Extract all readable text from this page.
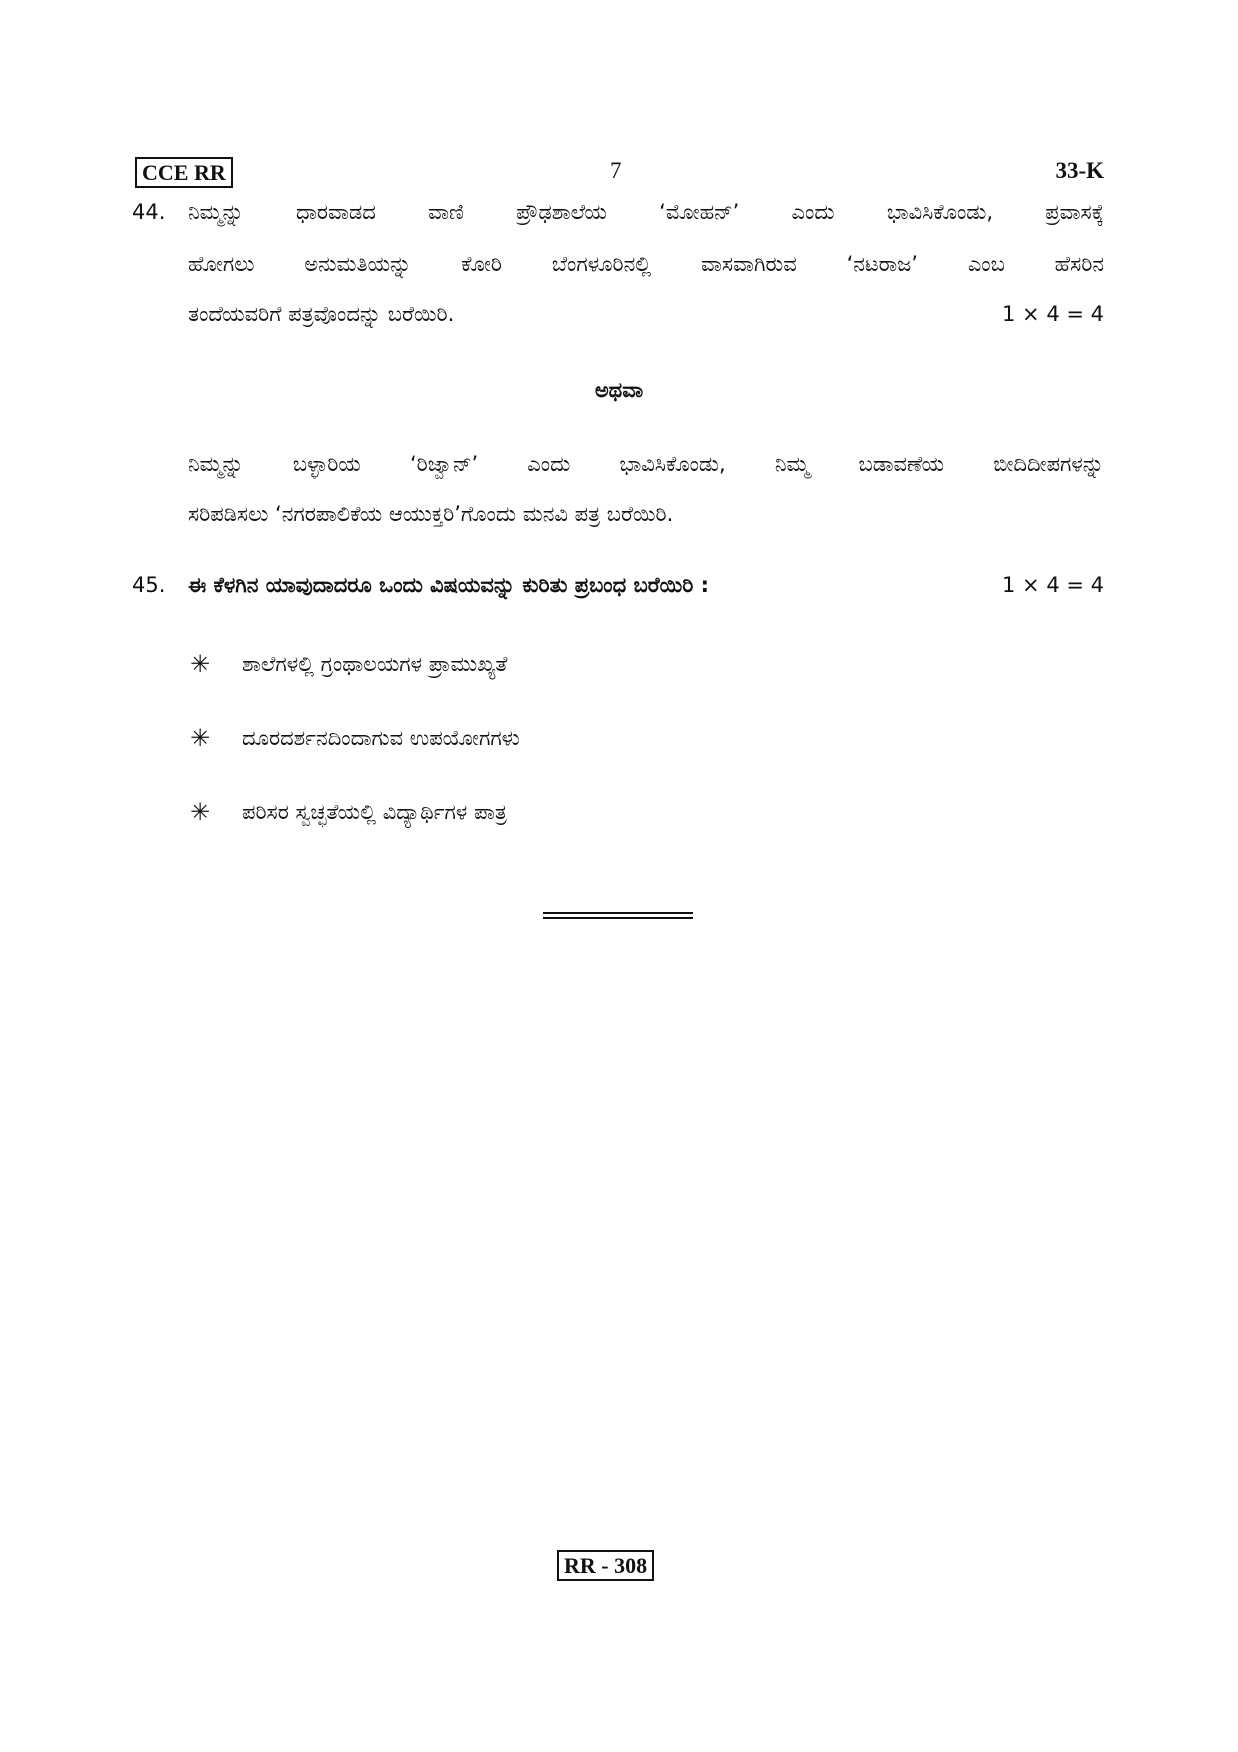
CCE RR	7	33-K
44. ನಿಮ್ಮನ್ನು ಧಾರವಾಡದ ವಾಣಿ ಪ್ರೌಢಶಾಲೆಯ ‘ಮೋಹನ್’ ಎಂದು ಭಾವಿಸಿಕೊಂಡು, ಪ್ರವಾಸಕ್ಕೆ
ಹೋಗಲು ಅನುಮತಿಯನ್ನು ಕೋರಿ ಬೆಂಗಳೂರಿನಲ್ಲಿ ವಾಸವಾಗಿರುವ ‘ನಟರಾಜ’ ಎಂಬ ಹೆಸರಿನ
ತಂದೆಯವರಿಗೆ ಪತ್ರವೊಂದನ್ನು ಬರೆಯಿರಿ.	1 × 4 = 4
ಅಥವಾ
ನಿಮ್ಮನ್ನು ಬಳ್ಳಾರಿಯ ‘ರಿಜ್ವಾನ್’ ಎಂದು ಭಾವಿಸಿಕೊಂಡು, ನಿಮ್ಮ ಬಡಾವಣೆಯ ಬೀದಿದೀಪಗಳನ್ನು
ಸರಿಪಡಿಸಲು ‘ನಗರಪಾಲಿಕೆಯ ಆಯುಕ್ತರಿ’ಗೊಂದು ಮನವಿ ಪತ್ರ ಬರೆಯಿರಿ.
45. ಈ ಕೆಳಗಿನ ಯಾವುದಾದರೂ ಒಂದು ವಿಷಯವನ್ನು ಕುರಿತು ಪ್ರಬಂಧ ಬರೆಯಿರಿ :	1 × 4 = 4
✳ ಶಾಲೆಗಳಲ್ಲಿ ಗ್ರಂಥಾಲಯಗಳ ಪ್ರಾಮುಖ್ಯತೆ
✳ ದೂರದರ್ಶನದಿಂದಾಗುವ ಉಪಯೋಗಗಳು
✳ ಪರಿಸರ ಸ್ವಚ್ಛತೆಯಲ್ಲಿ ವಿದ್ಯಾರ್ಥಿಗಳ ಪಾತ್ರ
RR - 308
